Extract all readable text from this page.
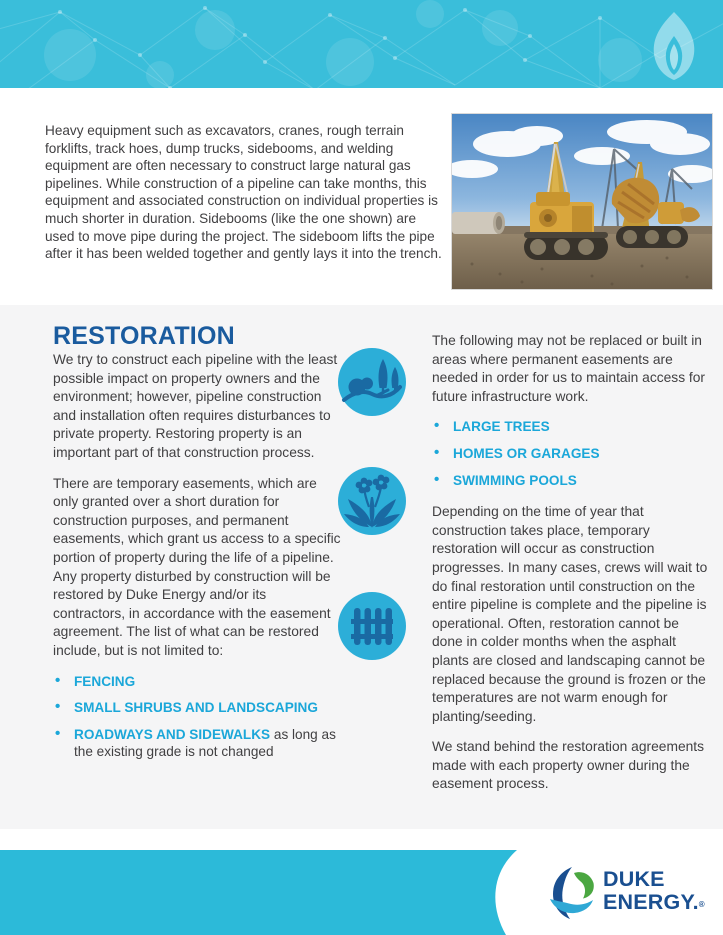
Heavy equipment such as excavators, cranes, rough terrain forklifts, track hoes, dump trucks, sidebooms, and welding equipment are often necessary to construct large natural gas pipelines. While construction of a pipeline can take months, this equipment and associated construction on individual properties is much shorter in duration. Sidebooms (like the one shown) are used to move pipe during the project. The sideboom lifts the pipe after it has been welded together and gently lays it into the trench.

RESTORATION

We try to construct each pipeline with the least possible impact on property owners and the environment; however, pipeline construction and installation often requires disturbances to private property. Restoring property is an important part of that construction process.

There are temporary easements, which are only granted over a short duration for construction purposes, and permanent easements, which grant us access to a specific portion of property during the life of a pipeline. Any property disturbed by construction will be restored by Duke Energy and/or its contractors, in accordance with the easement agreement. The list of what can be restored include, but is not limited to:

• FENCING
• SMALL SHRUBS AND LANDSCAPING
• ROADWAYS AND SIDEWALKS as long as the existing grade is not changed

The following may not be replaced or built in areas where permanent easements are needed in order for us to maintain access for future infrastructure work.

• LARGE TREES
• HOMES OR GARAGES
• SWIMMING POOLS

Depending on the time of year that construction takes place, temporary restoration will occur as construction progresses. In many cases, crews will wait to do final restoration until construction on the entire pipeline is complete and the pipeline is operational. Often, restoration cannot be done in colder months when the asphalt plants are closed and landscaping cannot be replaced because the ground is frozen or the temperatures are not warm enough for planting/seeding.

We stand behind the restoration agreements made with each property owner during the easement process.

DUKE
ENERGY.®
